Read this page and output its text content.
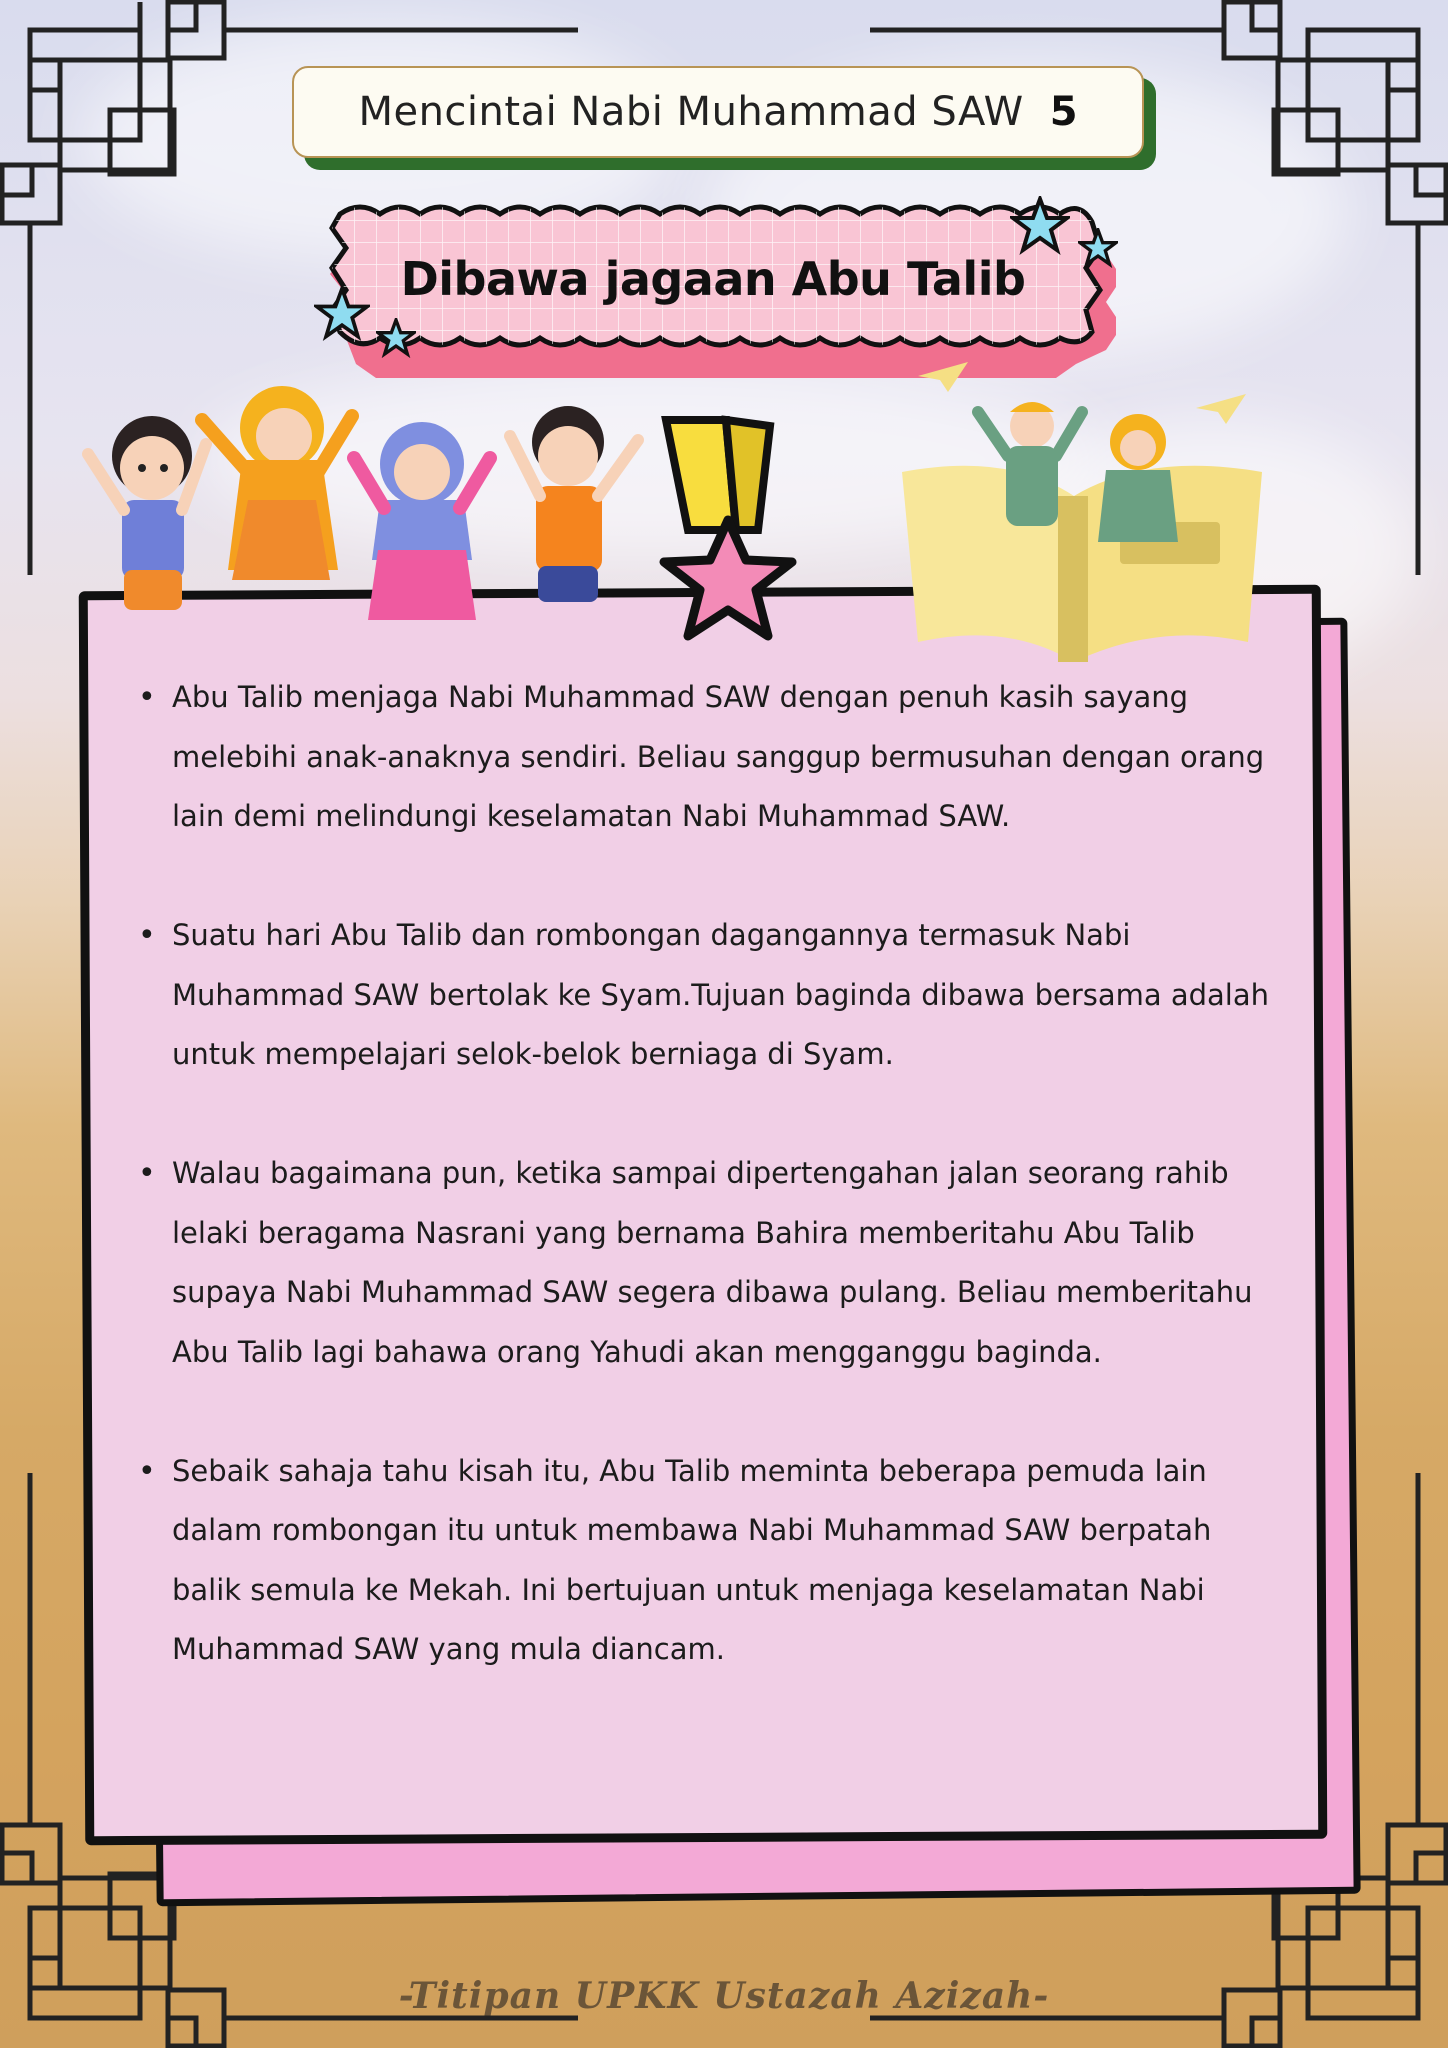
Mencintai Nabi Muhammad SAW 5
Dibawa jagaan Abu Talib
• Abu Talib menjaga Nabi Muhammad SAW dengan penuh kasih sayang melebihi anak-anaknya sendiri. Beliau sanggup bermusuhan dengan orang lain demi melindungi keselamatan Nabi Muhammad SAW.
• Suatu hari Abu Talib dan rombongan dagangannya termasuk Nabi Muhammad SAW bertolak ke Syam.Tujuan baginda dibawa bersama adalah untuk mempelajari selok-belok berniaga di Syam.
• Walau bagaimana pun, ketika sampai dipertengahan jalan seorang rahib lelaki beragama Nasrani yang bernama Bahira memberitahu Abu Talib supaya Nabi Muhammad SAW segera dibawa pulang. Beliau memberitahu Abu Talib lagi bahawa orang Yahudi akan mengganggu baginda.
• Sebaik sahaja tahu kisah itu, Abu Talib meminta beberapa pemuda lain dalam rombongan itu untuk membawa Nabi Muhammad SAW berpatah balik semula ke Mekah. Ini bertujuan untuk menjaga keselamatan Nabi Muhammad SAW yang mula diancam.
-Titipan UPKK Ustazah Azizah-
